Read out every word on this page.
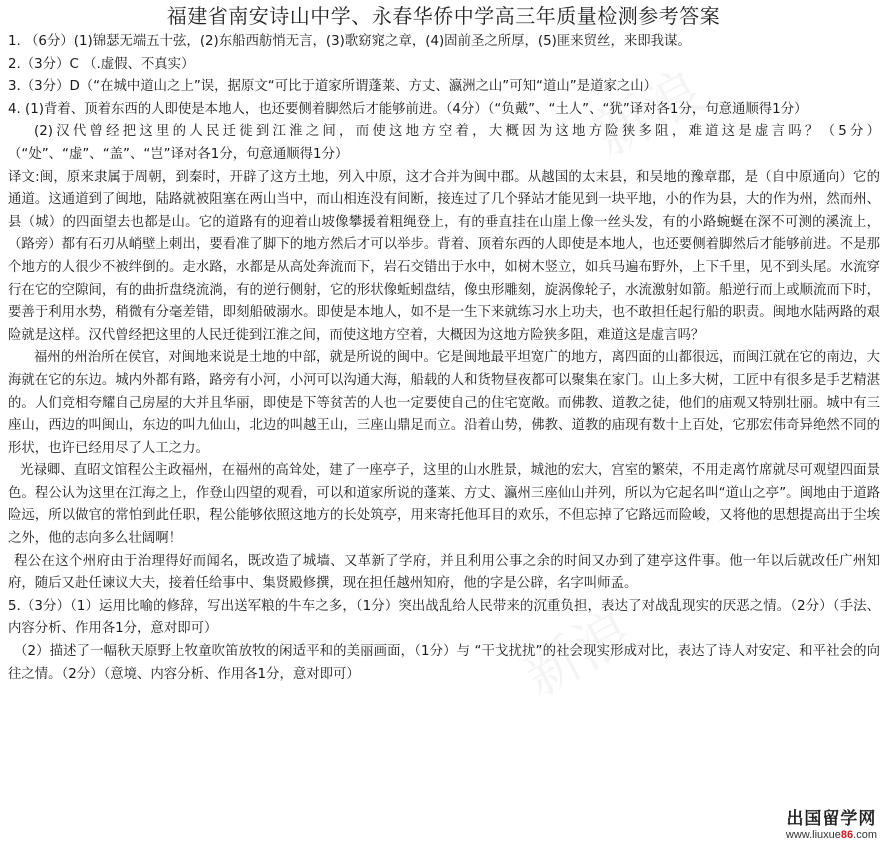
福建省南安诗山中学、永春华侨中学高三年质量检测参考答案

1. （6分）(1)锦瑟无端五十弦，(2)东船西舫悄无言，(3)歌窈窕之章，(4)固前圣之所厚，(5)匪来贸丝，来即我谋。

2.（3分）C （.虚假、不真实）

3.（3分）D（“在城中道山之上”误，据原文“可比于道家所谓蓬莱、方丈、瀛洲之山”可知“道山”是道家之山）

4. (1)背着、顶着东西的人即使是本地人，也还要侧着脚然后才能够前进。（4分）（“负戴”、“土人”、“犹”译对各1分，句意通顺得1分）

(2)汉代曾经把这里的人民迁徙到江淮之间，而使这地方空着，大概因为这地方险狭多阻，难道这是虚言吗？（5分）（“处”、“虚”、“盖”、“岂”译对各1分，句意通顺得1分）

译文:闽，原来隶属于周朝，到秦时，开辟了这方土地，列入中原，这才合并为闽中郡。从越国的太末县，和吴地的豫章郡，是（自中原通向）它的通道。这通道到了闽地，陆路就被阻塞在两山当中，而山相连没有间断，接连过了几个驿站才能见到一块平地，小的作为县，大的作为州，然而州、县（城）的四面望去也都是山。它的道路有的迎着山坡像攀援着粗绳登上，有的垂直挂在山崖上像一丝头发，有的小路蜿蜒在深不可测的溪流上，（路旁）都有石刃从峭壁上刺出，要看准了脚下的地方然后才可以举步。背着、顶着东西的人即使是本地人，也还要侧着脚然后才能够前进。不是那个地方的人很少不被绊倒的。走水路，水都是从高处奔流而下，岩石交错出于水中，如树木竖立，如兵马遍布野外，上下千里，见不到头尾。水流穿行在它的空隙间，有的曲折盘绕流淌，有的逆行侧射，它的形状像蚯蚓盘结，像虫形雕刻，旋涡像轮子，水流激射如箭。船逆行而上或顺流而下时，要善于利用水势，稍微有分毫差错，即刻船破溺水。即使是本地人，如不是一生下来就练习水上功夫，也不敢担任起行船的职责。闽地水陆两路的艰险就是这样。汉代曾经把这里的人民迁徙到江淮之间，而使这地方空着，大概因为这地方险狭多阻，难道这是虚言吗？

福州的州治所在侯官，对闽地来说是土地的中部，就是所说的闽中。它是闽地最平坦宽广的地方，离四面的山都很远，而闽江就在它的南边，大海就在它的东边。城内外都有路，路旁有小河，小河可以沟通大海，船载的人和货物昼夜都可以聚集在家门。山上多大树，工匠中有很多是手艺精湛的。人们竞相夸耀自己房屋的大并且华丽，即使是下等贫苦的人也一定要使自己的住宅宽敞。而佛教、道教之徒，他们的庙观又特别壮丽。城中有三座山，西边的叫闽山，东边的叫九仙山，北边的叫越王山，三座山鼎足而立。沿着山势，佛教、道教的庙现有数十上百处，它那宏伟奇异绝然不同的形状，也许已经用尽了人工之力。

光禄卿、直昭文馆程公主政福州，在福州的高耸处，建了一座亭子，这里的山水胜景，城池的宏大，宫室的繁荣，不用走离竹席就尽可观望四面景色。程公认为这里在江海之上，作登山四望的观看，可以和道家所说的蓬莱、方丈、瀛州三座仙山并列，所以为它起名叫“道山之亭”。闽地由于道路险远，所以做官的常怕到此任职，程公能够依照这地方的长处筑亭，用来寄托他耳目的欢乐，不但忘掉了它路远而险峻，又将他的思想提高出于尘埃之外，他的志向多么壮阔啊！

程公在这个州府由于治理得好而闻名，既改造了城墙、又革新了学府，并且利用公事之余的时间又办到了建亭这件事。他一年以后就改任广州知府，随后又赴任谏议大夫，接着任给事中、集贤殿修撰，现在担任越州知府，他的字是公辟，名字叫师孟。

5.（3分）（1）运用比喻的修辞，写出送军粮的牛车之多，（1分）突出战乱给人民带来的沉重负担，表达了对战乱现实的厌恶之情。（2分）（手法、内容分析、作用各1分，意对即可）

（2）描述了一幅秋天原野上牧童吹笛放牧的闲适平和的美丽画面，（1分）与 “干戈扰扰”的社会现实形成对比，表达了诗人对安定、和平社会的向往之情。（2分）（意境、内容分析、作用各1分，意对即可）

出国留学网
www.liuxue86.com
